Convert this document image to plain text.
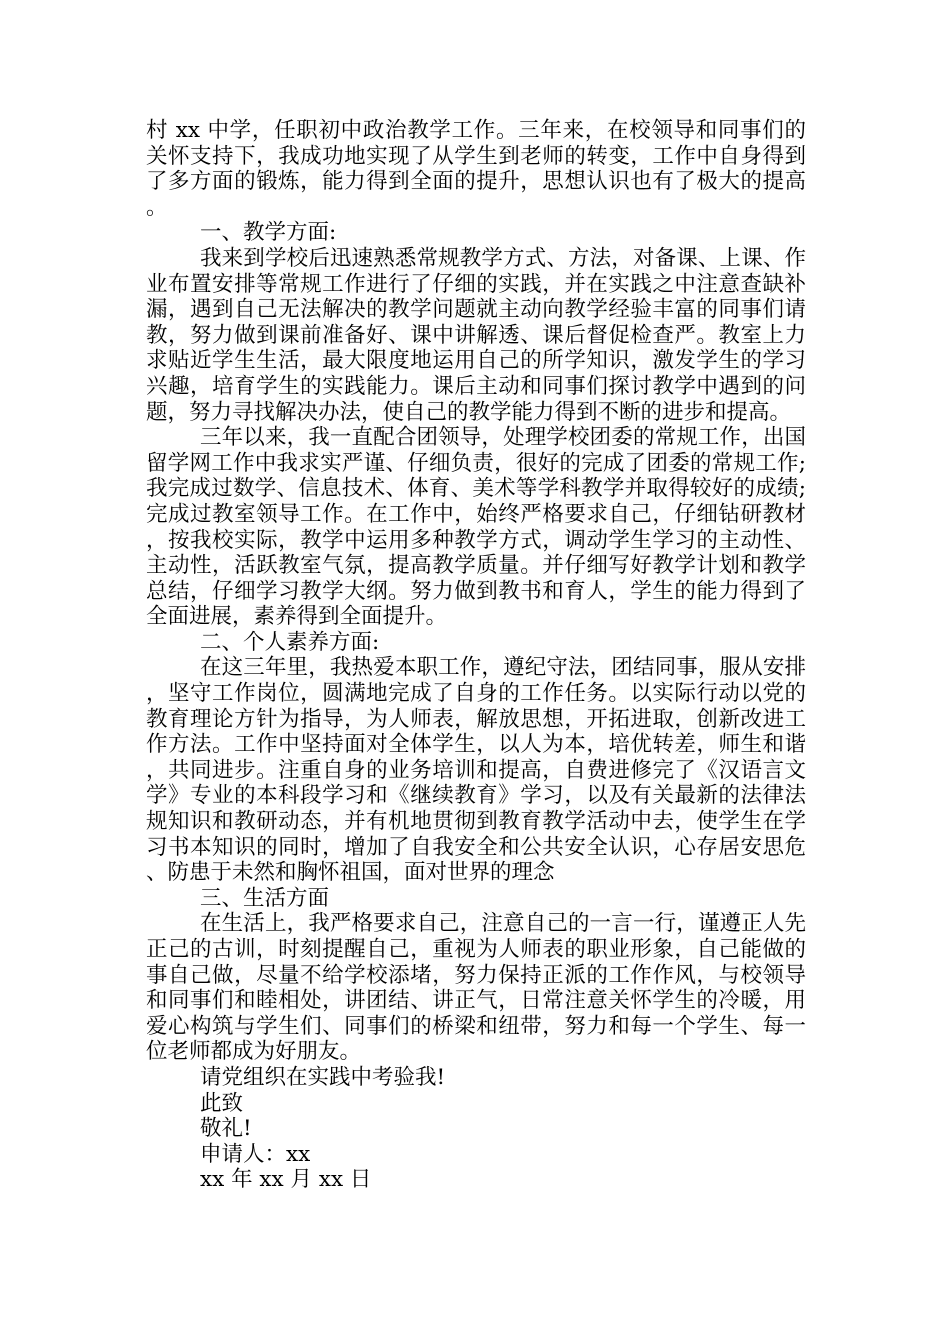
村 xx 中学，任职初中政治教学工作。三年来，在校领导和同事们的关怀支持下，我成功地实现了从学生到老师的转变，工作中自身得到了多方面的锻炼，能力得到全面的提升，思想认识也有了极大的提高。

一、教学方面:

我来到学校后迅速熟悉常规教学方式、方法，对备课、上课、作业布置安排等常规工作进行了仔细的实践，并在实践之中注意查缺补漏，遇到自己无法解决的教学问题就主动向教学经验丰富的同事们请教，努力做到课前准备好、课中讲解透、课后督促检查严。教室上力求贴近学生生活，最大限度地运用自己的所学知识，激发学生的学习兴趣，培育学生的实践能力。课后主动和同事们探讨教学中遇到的问题，努力寻找解决办法，使自己的教学能力得到不断的进步和提高。

三年以来，我一直配合团领导，处理学校团委的常规工作，出国留学网工作中我求实严谨、仔细负责，很好的完成了团委的常规工作;我完成过数学、信息技术、体育、美术等学科教学并取得较好的成绩;完成过教室领导工作。在工作中，始终严格要求自己，仔细钻研教材，按我校实际，教学中运用多种教学方式，调动学生学习的主动性、主动性，活跃教室气氛，提高教学质量。并仔细写好教学计划和教学总结，仔细学习教学大纲。努力做到教书和育人，学生的能力得到了全面进展，素养得到全面提升。

二、个人素养方面:

在这三年里，我热爱本职工作，遵纪守法，团结同事，服从安排，坚守工作岗位，圆满地完成了自身的工作任务。以实际行动以党的教育理论方针为指导，为人师表，解放思想，开拓进取，创新改进工作方法。工作中坚持面对全体学生，以人为本，培优转差，师生和谐，共同进步。注重自身的业务培训和提高，自费进修完了《汉语言文学》专业的本科段学习和《继续教育》学习，以及有关最新的法律法规知识和教研动态，并有机地贯彻到教育教学活动中去，使学生在学习书本知识的同时，增加了自我安全和公共安全认识，心存居安思危、防患于未然和胸怀祖国，面对世界的理念

三、生活方面

在生活上，我严格要求自己，注意自己的一言一行，谨遵正人先正己的古训，时刻提醒自己，重视为人师表的职业形象，自己能做的事自己做，尽量不给学校添堵，努力保持正派的工作作风，与校领导和同事们和睦相处，讲团结、讲正气，日常注意关怀学生的冷暖，用爱心构筑与学生们、同事们的桥梁和纽带，努力和每一个学生、每一位老师都成为好朋友。

请党组织在实践中考验我!

此致

敬礼!

申请人：xx

xx 年 xx 月 xx 日
